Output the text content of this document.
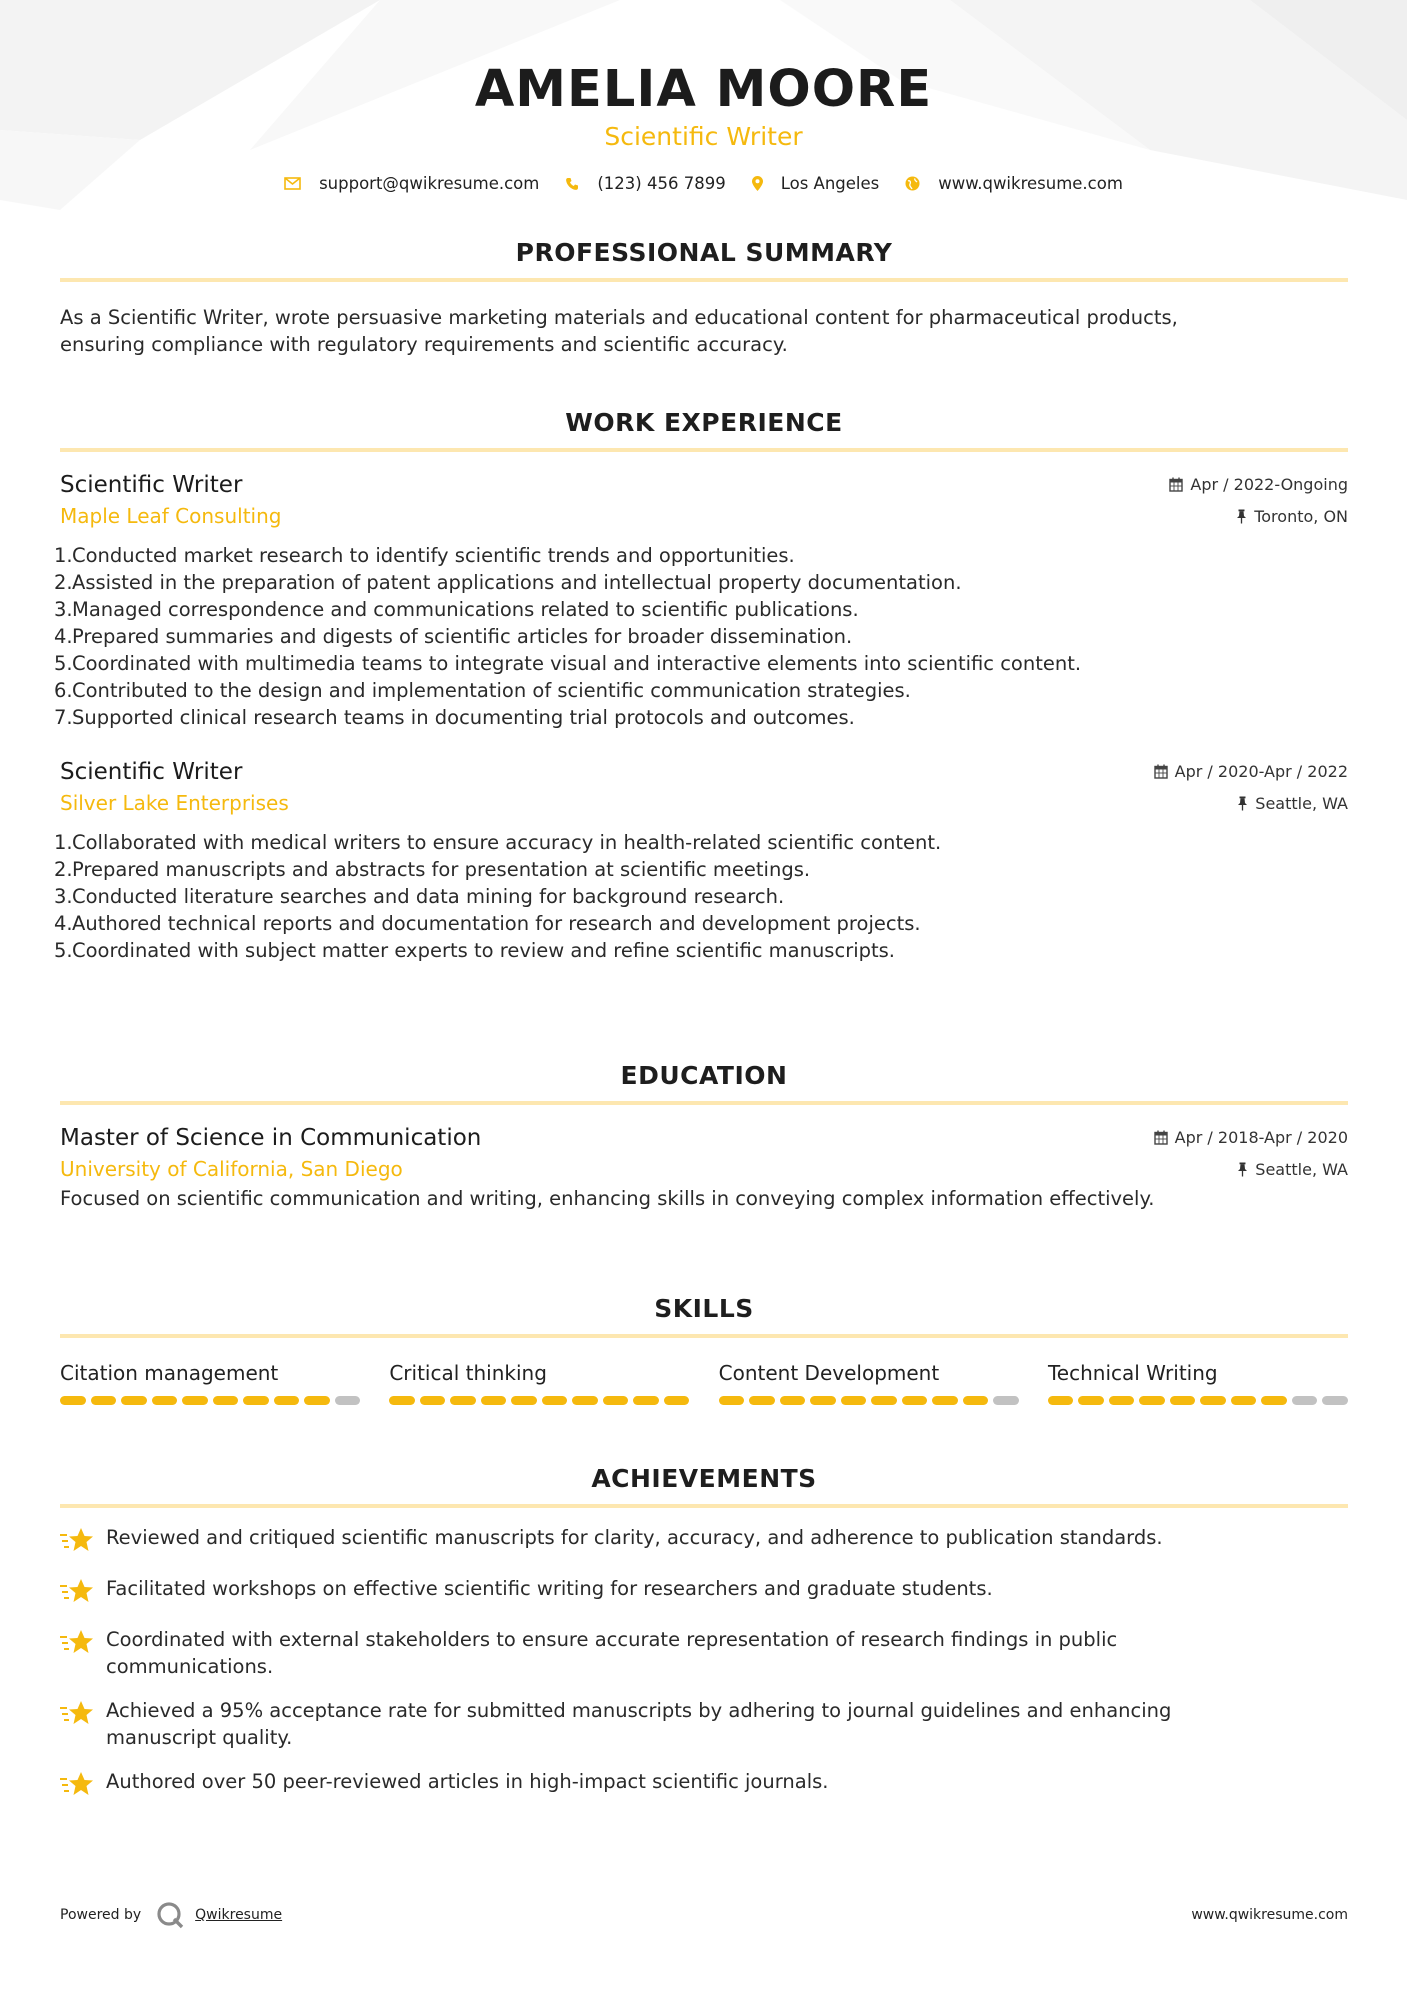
AMELIA MOORE
Scientific Writer
support@qwikresume.com	(123) 456 7899	Los Angeles	www.qwikresume.com
PROFESSIONAL SUMMARY
As a Scientific Writer, wrote persuasive marketing materials and educational content for pharmaceutical products,
ensuring compliance with regulatory requirements and scientific accuracy.
WORK EXPERIENCE
Scientific Writer	Apr / 2022-Ongoing
Maple Leaf Consulting	Toronto, ON
1. Conducted market research to identify scientific trends and opportunities.
2. Assisted in the preparation of patent applications and intellectual property documentation.
3. Managed correspondence and communications related to scientific publications.
4. Prepared summaries and digests of scientific articles for broader dissemination.
5. Coordinated with multimedia teams to integrate visual and interactive elements into scientific content.
6. Contributed to the design and implementation of scientific communication strategies.
7. Supported clinical research teams in documenting trial protocols and outcomes.
Scientific Writer	Apr / 2020-Apr / 2022
Silver Lake Enterprises	Seattle, WA
1. Collaborated with medical writers to ensure accuracy in health-related scientific content.
2. Prepared manuscripts and abstracts for presentation at scientific meetings.
3. Conducted literature searches and data mining for background research.
4. Authored technical reports and documentation for research and development projects.
5. Coordinated with subject matter experts to review and refine scientific manuscripts.
EDUCATION
Master of Science in Communication	Apr / 2018-Apr / 2020
University of California, San Diego	Seattle, WA
Focused on scientific communication and writing, enhancing skills in conveying complex information effectively.
SKILLS
Citation management	Critical thinking	Content Development	Technical Writing
ACHIEVEMENTS
Reviewed and critiqued scientific manuscripts for clarity, accuracy, and adherence to publication standards.
Facilitated workshops on effective scientific writing for researchers and graduate students.
Coordinated with external stakeholders to ensure accurate representation of research findings in public
communications.
Achieved a 95% acceptance rate for submitted manuscripts by adhering to journal guidelines and enhancing
manuscript quality.
Authored over 50 peer-reviewed articles in high-impact scientific journals.
Powered by	Qwikresume	www.qwikresume.com
